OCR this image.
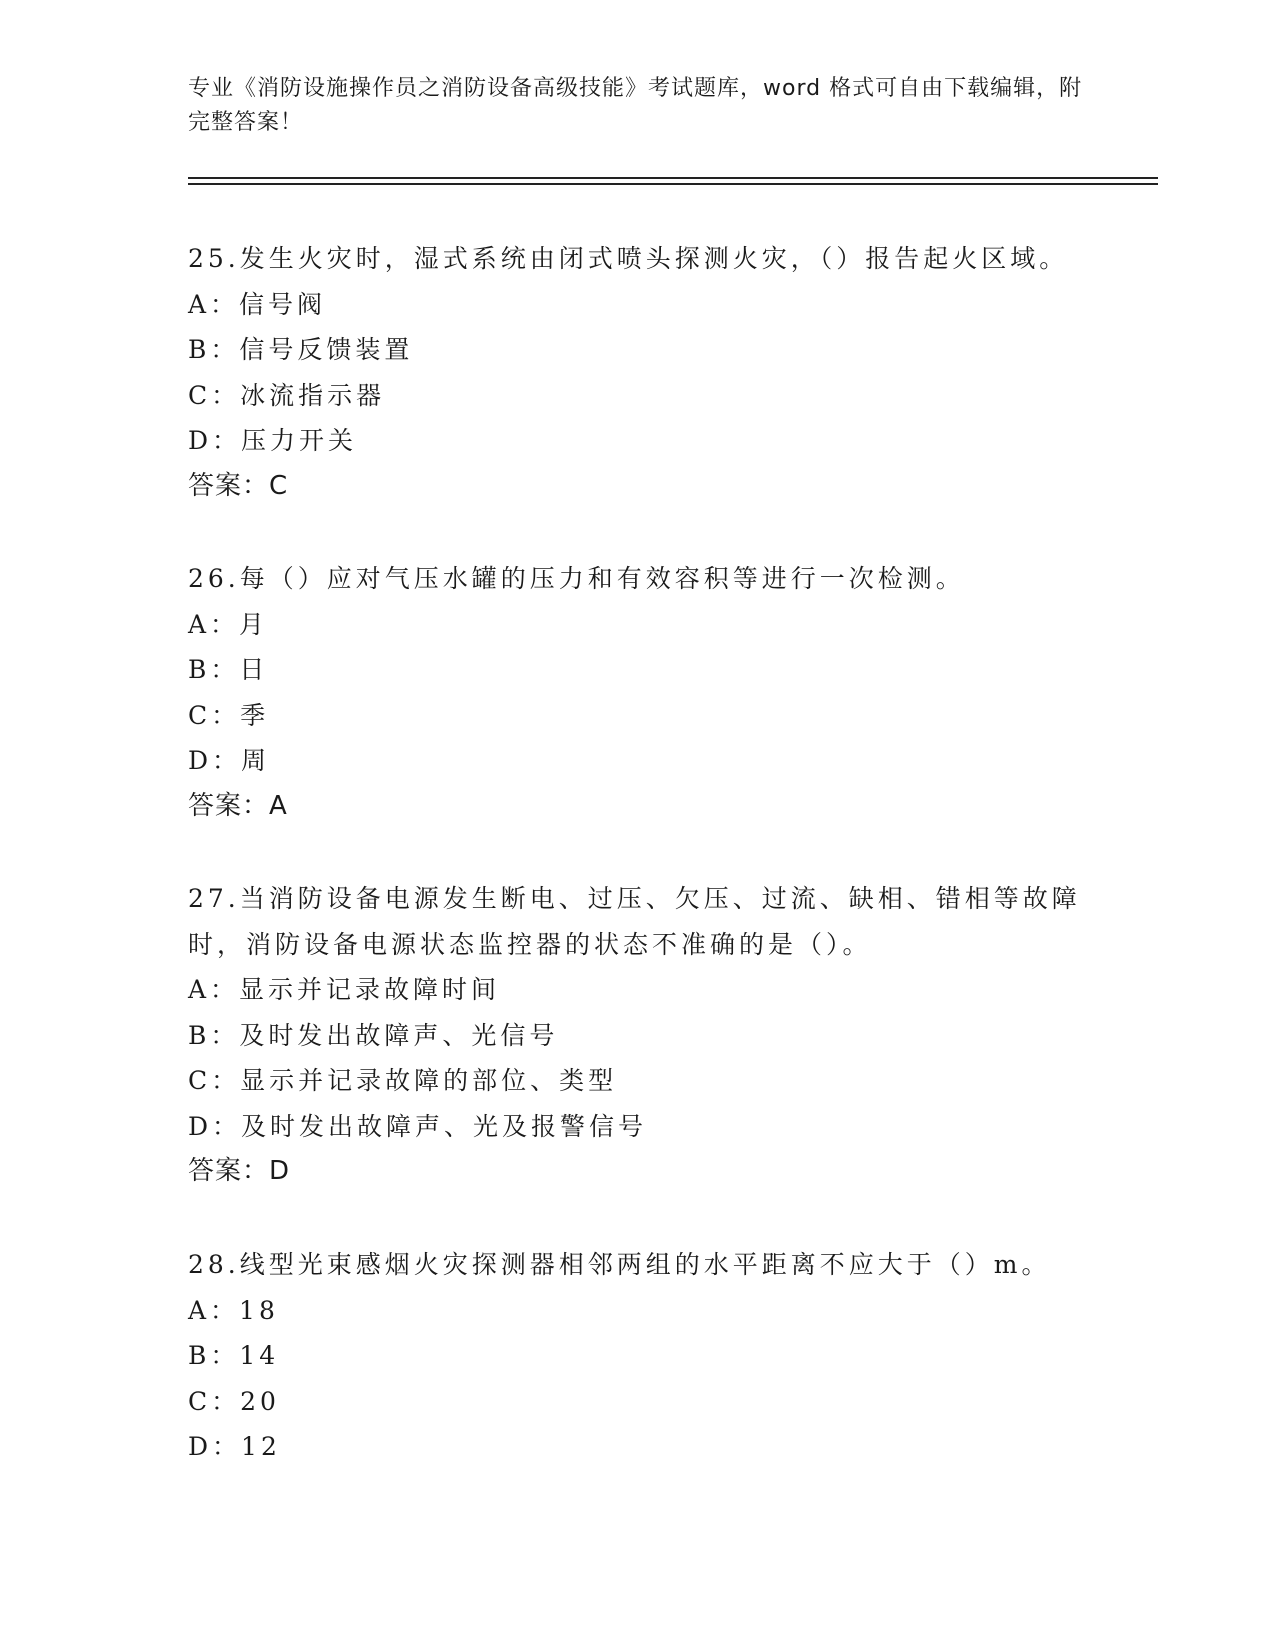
专业《消防设施操作员之消防设备高级技能》考试题库，word 格式可自由下载编辑，附完整答案！
25.发生火灾时，湿式系统由闭式喷头探测火灾，（）报告起火区域。
A：信号阀
B：信号反馈装置
C：冰流指示器
D：压力开关
答案：C
26.每（）应对气压水罐的压力和有效容积等进行一次检测。
A：月
B：日
C：季
D：周
答案：A
27.当消防设备电源发生断电、过压、欠压、过流、缺相、错相等故障时，消防设备电源状态监控器的状态不准确的是（）。
A：显示并记录故障时间
B：及时发出故障声、光信号
C：显示并记录故障的部位、类型
D：及时发出故障声、光及报警信号
答案：D
28.线型光束感烟火灾探测器相邻两组的水平距离不应大于（）m。
A：18
B：14
C：20
D：12
